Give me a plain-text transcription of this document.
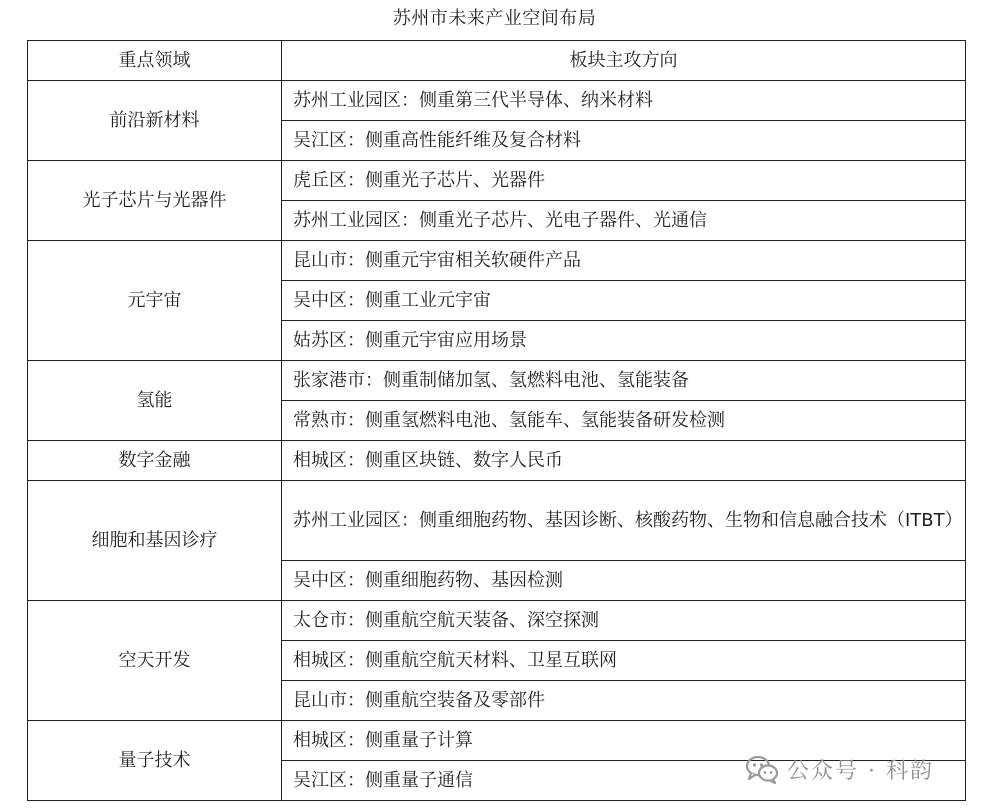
苏州市未来产业空间布局
重点领域	板块主攻方向
前沿新材料	苏州工业园区：侧重第三代半导体、纳米材料
	吴江区：侧重高性能纤维及复合材料
光子芯片与光器件	虎丘区：侧重光子芯片、光器件
	苏州工业园区：侧重光子芯片、光电子器件、光通信
元宇宙	昆山市：侧重元宇宙相关软硬件产品
	吴中区：侧重工业元宇宙
	姑苏区：侧重元宇宙应用场景
氢能	张家港市：侧重制储加氢、氢燃料电池、氢能装备
	常熟市：侧重氢燃料电池、氢能车、氢能装备研发检测
数字金融	相城区：侧重区块链、数字人民币
细胞和基因诊疗	苏州工业园区：侧重细胞药物、基因诊断、核酸药物、生物和信息融合技术（ITBT）
	吴中区：侧重细胞药物、基因检测
空天开发	太仓市：侧重航空航天装备、深空探测
	相城区：侧重航空航天材料、卫星互联网
	昆山市：侧重航空装备及零部件
量子技术	相城区：侧重量子计算
	吴江区：侧重量子通信	公众号 · 科韵
